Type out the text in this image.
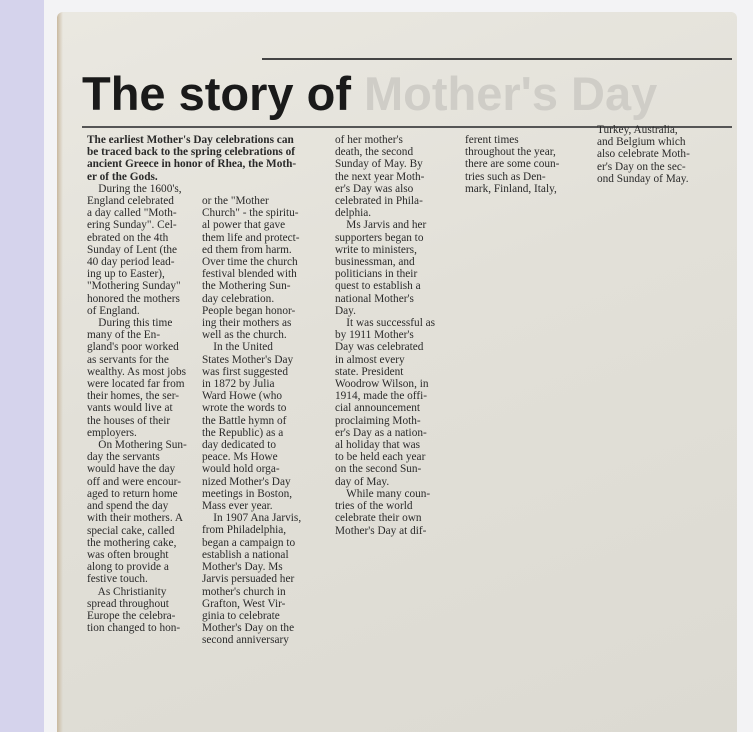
The story of Mother's Day
The earliest Mother's Day celebrations can
be traced back to the spring celebrations of
ancient Greece in honor of Rhea, the Moth-
er of the Gods.
During the 1600's,
England celebrated
a day called "Moth-
ering Sunday". Cel-
ebrated on the 4th
Sunday of Lent (the
40 day period lead-
ing up to Easter),
"Mothering Sunday"
honored the mothers
of England.
During this time
many of the En-
gland's poor worked
as servants for the
wealthy. As most jobs
were located far from
their homes, the ser-
vants would live at
the houses of their
employers.
On Mothering Sun-
day the servants
would have the day
off and were encour-
aged to return home
and spend the day
with their mothers. A
special cake, called
the mothering cake,
was often brought
along to provide a
festive touch.
As Christianity
spread throughout
Europe the celebra-
tion changed to hon-
or the "Mother
Church" - the spiritu-
al power that gave
them life and protect-
ed them from harm.
Over time the church
festival blended with
the Mothering Sun-
day celebration.
People began honor-
ing their mothers as
well as the church.
In the United
States Mother's Day
was first suggested
in 1872 by Julia
Ward Howe (who
wrote the words to
the Battle hymn of
the Republic) as a
day dedicated to
peace. Ms Howe
would hold orga-
nized Mother's Day
meetings in Boston,
Mass ever year.
In 1907 Ana Jarvis,
from Philadelphia,
began a campaign to
establish a national
Mother's Day. Ms
Jarvis persuaded her
mother's church in
Grafton, West Vir-
ginia to celebrate
Mother's Day on the
second anniversary
of her mother's
death, the second
Sunday of May. By
the next year Moth-
er's Day was also
celebrated in Phila-
delphia.
Ms Jarvis and her
supporters began to
write to ministers,
businessman, and
politicians in their
quest to establish a
national Mother's
Day.
It was successful as
by 1911 Mother's
Day was celebrated
in almost every
state. President
Woodrow Wilson, in
1914, made the offi-
cial announcement
proclaiming Moth-
er's Day as a nation-
al holiday that was
to be held each year
on the second Sun-
day of May.
While many coun-
tries of the world
celebrate their own
Mother's Day at dif-
ferent times
throughout the year,
there are some coun-
tries such as Den-
mark, Finland, Italy,
Turkey, Australia,
and Belgium which
also celebrate Moth-
er's Day on the sec-
ond Sunday of May.
